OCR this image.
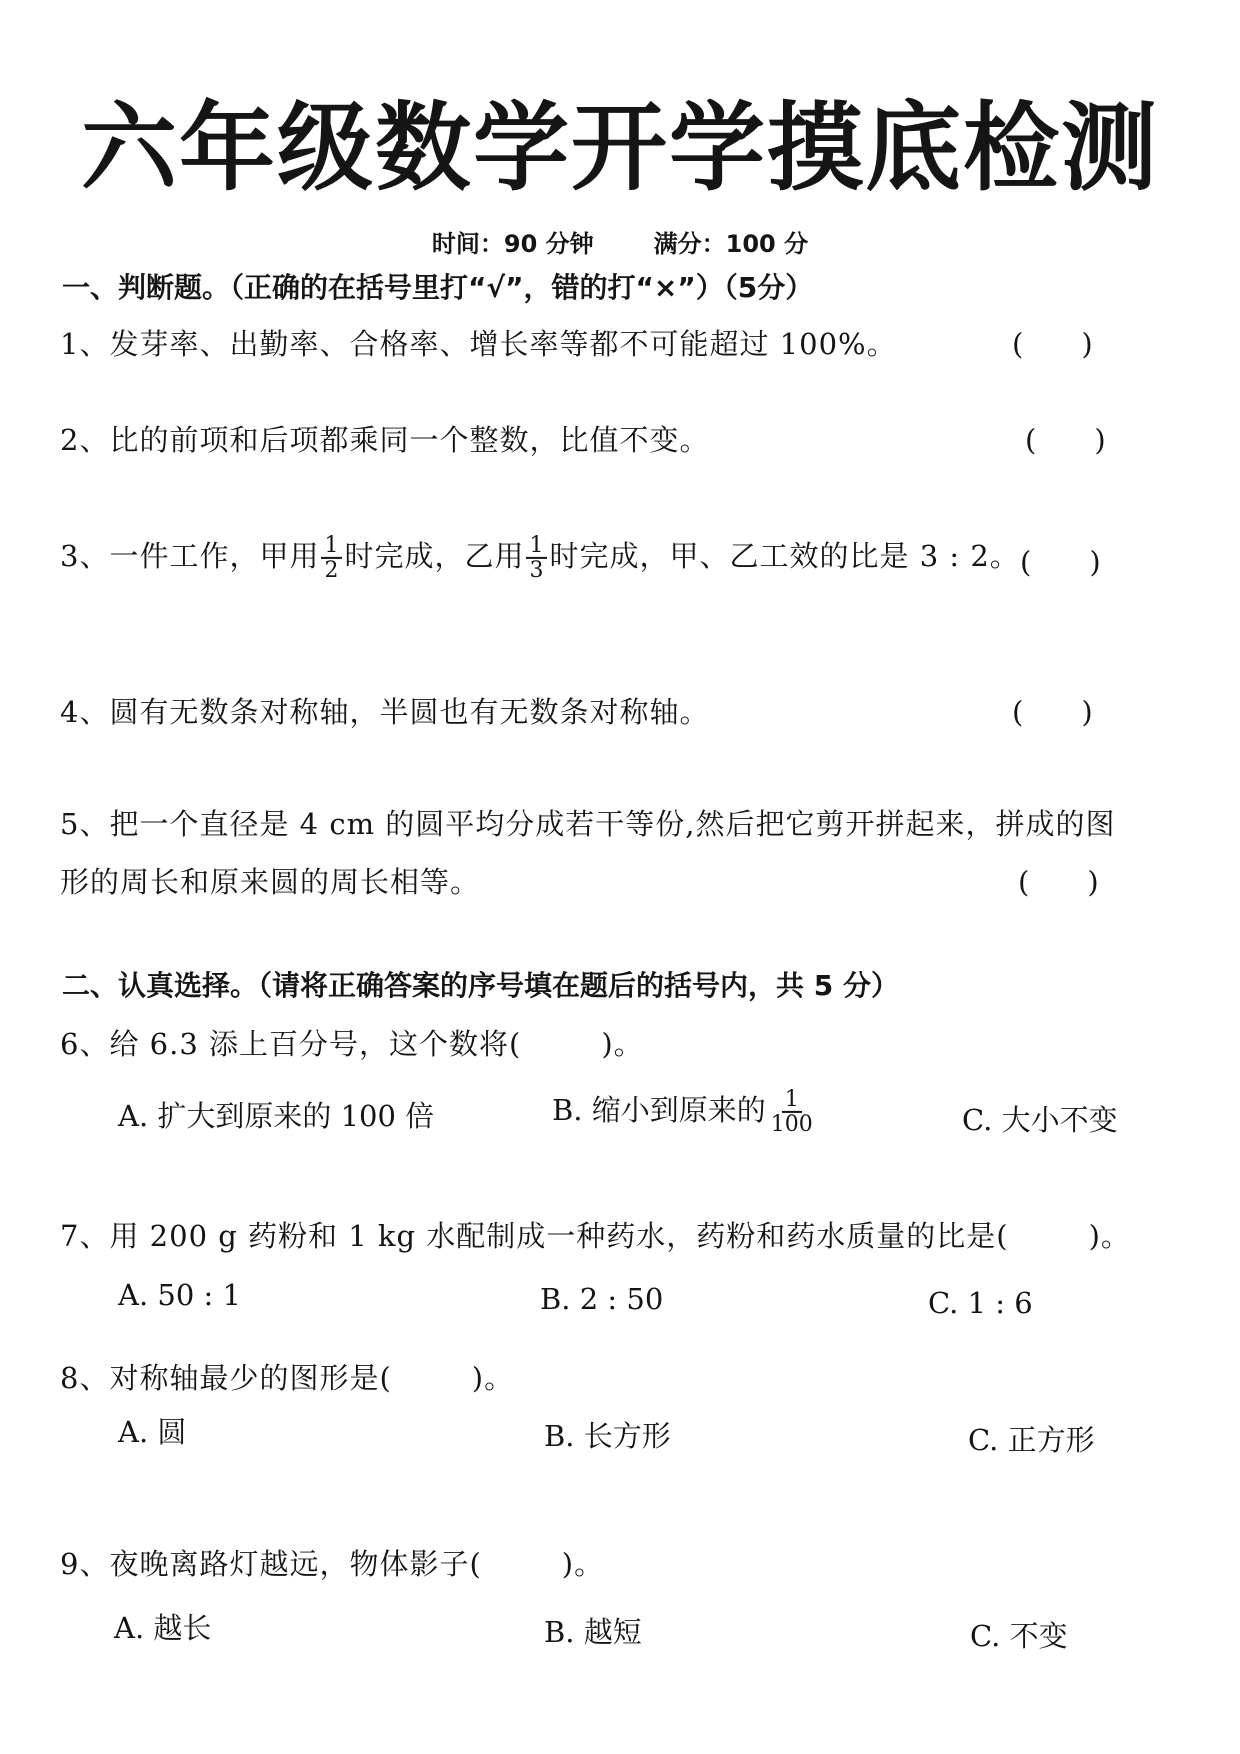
六年级数学开学摸底检测
时间：90 分钟	满分：100 分
一、判断题。（正确的在括号里打“√”，错的打“×”）（5分）
1、发芽率、出勤率、合格率、增长率等都不可能超过 100%。	(　　)
2、比的前项和后项都乘同一个整数，比值不变。	(　　)
3、一件工作，甲用 $\frac{1}{2}$ 时完成，乙用 $\frac{1}{3}$ 时完成，甲、乙工效的比是 3 : 2。 (　　)
4、圆有无数条对称轴，半圆也有无数条对称轴。	(　　)
5、把一个直径是 4 cm 的圆平均分成若干等份,然后把它剪开拼起来，拼成的图
形的周长和原来圆的周长相等。	(　　)
二、认真选择。（请将正确答案的序号填在题后的括号内，共 5 分）
6、给 6.3 添上百分号，这个数将(	)。
A. 扩大到原来的 100 倍	B. 缩小到原来的 $\frac{1}{100}$	C. 大小不变
7、用 200 g 药粉和 1 kg 水配制成一种药水，药粉和药水质量的比是(	)。
A. 50 : 1	B. 2 : 50	C. 1 : 6
8、对称轴最少的图形是(	)。
A. 圆	B. 长方形	C. 正方形
9、夜晚离路灯越远，物体影子(	)。
A. 越长	B. 越短	C. 不变
